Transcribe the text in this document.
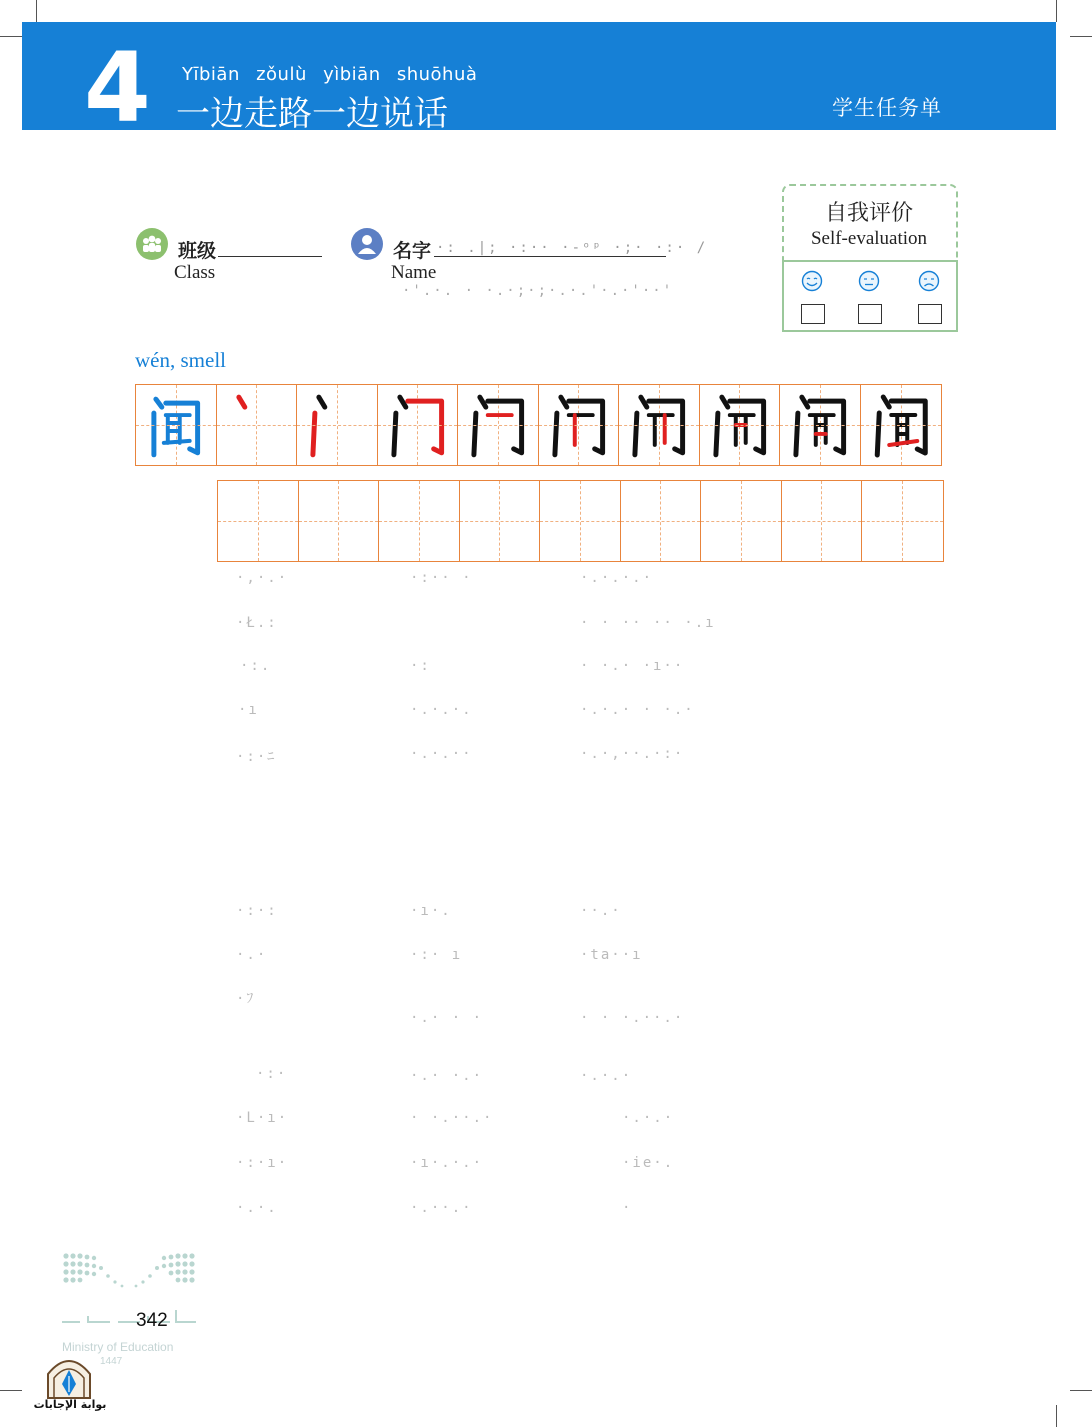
4 Yībiān zǒulù yìbiān shuōhuà
一边走路一边说话	学生任务单
班级
Class
名字
Name
·: .|; ·:·· ·-ᵒᵖ ·;· ·:· /
·'.·. · ·.·;·;·.·.'·.·'··'
自我评价
Self-evaluation
wén, smell
·,·.·	·:·· ·	·.·.·.·
·Ł.:	· · ·· ·· ·.ı
·:.	·:	· ·.· ·ı··
·ı	·.·.·.	·.·.· · ·.·
·:·ﾆ	·.·.··	·.·,··.·:·
·:·:	·ı·.	··.·
·.·	·:· ı	·ta··ı
·ﾌ
·.· · ·	· · ·.··.·
·:·	·.· ·.·	·.·.·
·L·ı·	· ·.··.·	·.·.·
·:·ı·	·ı·.·.·	·ie·.
·.·.	·.··.·	·
Ministry of Education
1447
342
بوابة الإجابات
